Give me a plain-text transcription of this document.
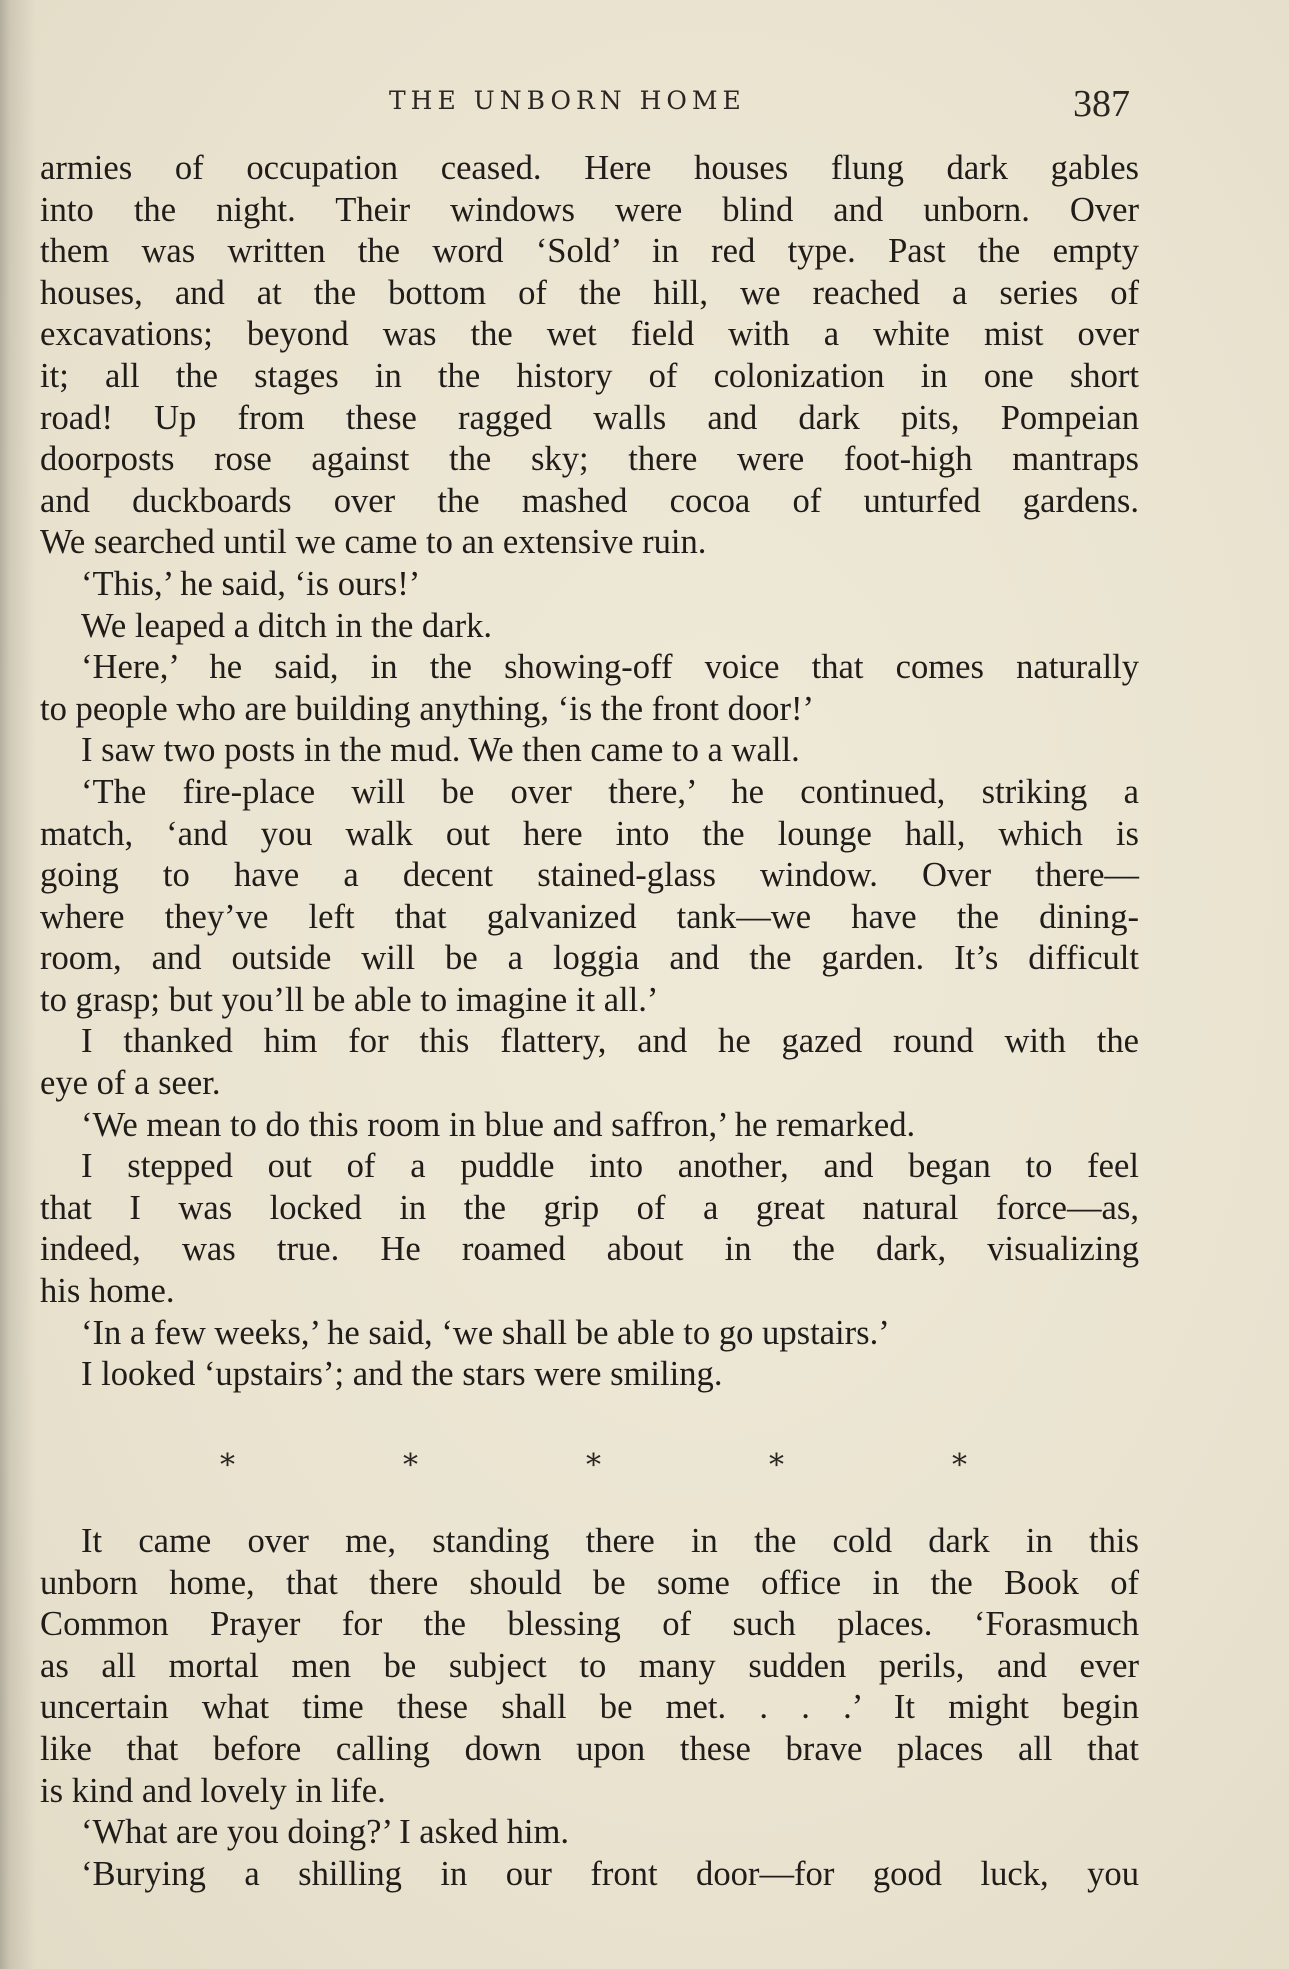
THE UNBORN HOME	387
armies of occupation ceased. Here houses flung dark gables
into the night. Their windows were blind and unborn. Over
them was written the word ‘Sold’ in red type. Past the empty
houses, and at the bottom of the hill, we reached a series of
excavations; beyond was the wet field with a white mist over
it; all the stages in the history of colonization in one short
road! Up from these ragged walls and dark pits, Pompeian
doorposts rose against the sky; there were foot-high mantraps
and duckboards over the mashed cocoa of unturfed gardens.
We searched until we came to an extensive ruin.
‘This,’ he said, ‘is ours!’
We leaped a ditch in the dark.
‘Here,’ he said, in the showing-off voice that comes naturally
to people who are building anything, ‘is the front door!’
I saw two posts in the mud. We then came to a wall.
‘The fire-place will be over there,’ he continued, striking a
match, ‘and you walk out here into the lounge hall, which is
going to have a decent stained-glass window. Over there—
where they’ve left that galvanized tank—we have the dining-
room, and outside will be a loggia and the garden. It’s difficult
to grasp; but you’ll be able to imagine it all.’
I thanked him for this flattery, and he gazed round with the
eye of a seer.
‘We mean to do this room in blue and saffron,’ he remarked.
I stepped out of a puddle into another, and began to feel
that I was locked in the grip of a great natural force—as,
indeed, was true. He roamed about in the dark, visualizing
his home.
‘In a few weeks,’ he said, ‘we shall be able to go upstairs.’
I looked ‘upstairs’; and the stars were smiling.
*	*	*	*	*
It came over me, standing there in the cold dark in this
unborn home, that there should be some office in the Book of
Common Prayer for the blessing of such places. ‘Forasmuch
as all mortal men be subject to many sudden perils, and ever
uncertain what time these shall be met. . . .’ It might begin
like that before calling down upon these brave places all that
is kind and lovely in life.
‘What are you doing?’ I asked him.
‘Burying a shilling in our front door—for good luck, you
